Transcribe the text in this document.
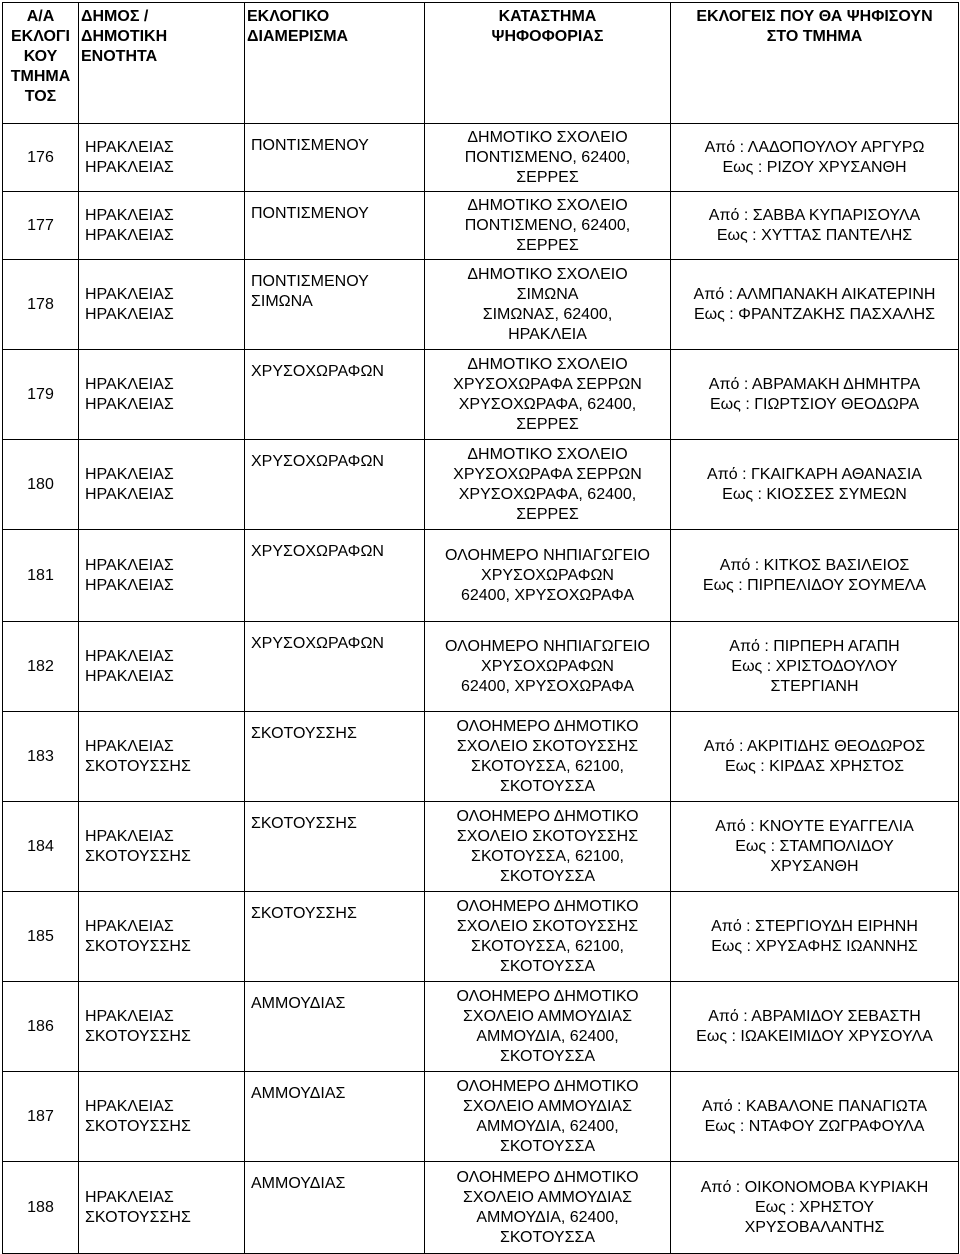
Α/Α
ΕΚΛΟΓΙ
ΚΟΥ
ΤΜΗΜΑ
ΤΟΣ	ΔΗΜΟΣ /
ΔΗΜΟΤΙΚΗ
ΕΝΟΤΗΤΑ	ΕΚΛΟΓΙΚΟ
ΔΙΑΜΕΡΙΣΜΑ	ΚΑΤΑΣΤΗΜΑ
ΨΗΦΟΦΟΡΙΑΣ	ΕΚΛΟΓΕΙΣ ΠΟΥ ΘΑ ΨΗΦΙΣΟΥΝ
ΣΤΟ ΤΜΗΜΑ

176	ΗΡΑΚΛΕΙΑΣ
ΗΡΑΚΛΕΙΑΣ	ΠΟΝΤΙΣΜΕΝΟΥ	ΔΗΜΟΤΙΚΟ ΣΧΟΛΕΙΟ
ΠΟΝΤΙΣΜΕΝΟ, 62400,
ΣΕΡΡΕΣ	Από : ΛΑΔΟΠΟΥΛΟΥ ΑΡΓΥΡΩ
Εως : ΡΙΖΟΥ ΧΡΥΣΑΝΘΗ

177	ΗΡΑΚΛΕΙΑΣ
ΗΡΑΚΛΕΙΑΣ	ΠΟΝΤΙΣΜΕΝΟΥ	ΔΗΜΟΤΙΚΟ ΣΧΟΛΕΙΟ
ΠΟΝΤΙΣΜΕΝΟ, 62400,
ΣΕΡΡΕΣ	Από : ΣΑΒΒΑ ΚΥΠΑΡΙΣΟΥΛΑ
Εως : ΧΥΤΤΑΣ ΠΑΝΤΕΛΗΣ

178	ΗΡΑΚΛΕΙΑΣ
ΗΡΑΚΛΕΙΑΣ	ΠΟΝΤΙΣΜΕΝΟΥ
ΣΙΜΩΝΑ	ΔΗΜΟΤΙΚΟ ΣΧΟΛΕΙΟ
ΣΙΜΩΝΑ
ΣΙΜΩΝΑΣ, 62400,
ΗΡΑΚΛΕΙΑ	Από : ΑΛΜΠΑΝΑΚΗ ΑΙΚΑΤΕΡΙΝΗ
Εως : ΦΡΑΝΤΖΑΚΗΣ ΠΑΣΧΑΛΗΣ

179	ΗΡΑΚΛΕΙΑΣ
ΗΡΑΚΛΕΙΑΣ	ΧΡΥΣΟΧΩΡΑΦΩΝ	ΔΗΜΟΤΙΚΟ ΣΧΟΛΕΙΟ
ΧΡΥΣΟΧΩΡΑΦΑ ΣΕΡΡΩΝ
ΧΡΥΣΟΧΩΡΑΦΑ, 62400,
ΣΕΡΡΕΣ	Από : ΑΒΡΑΜΑΚΗ ΔΗΜΗΤΡΑ
Εως : ΓΙΩΡΤΣΙΟΥ ΘΕΟΔΩΡΑ

180	ΗΡΑΚΛΕΙΑΣ
ΗΡΑΚΛΕΙΑΣ	ΧΡΥΣΟΧΩΡΑΦΩΝ	ΔΗΜΟΤΙΚΟ ΣΧΟΛΕΙΟ
ΧΡΥΣΟΧΩΡΑΦΑ ΣΕΡΡΩΝ
ΧΡΥΣΟΧΩΡΑΦΑ, 62400,
ΣΕΡΡΕΣ	Από : ΓΚΑΙΓΚΑΡΗ ΑΘΑΝΑΣΙΑ
Εως : ΚΙΟΣΣΕΣ ΣΥΜΕΩΝ

181	ΗΡΑΚΛΕΙΑΣ
ΗΡΑΚΛΕΙΑΣ	ΧΡΥΣΟΧΩΡΑΦΩΝ	ΟΛΟΗΜΕΡΟ ΝΗΠΙΑΓΩΓΕΙΟ
ΧΡΥΣΟΧΩΡΑΦΩΝ
62400, ΧΡΥΣΟΧΩΡΑΦΑ	Από : ΚΙΤΚΟΣ ΒΑΣΙΛΕΙΟΣ
Εως : ΠΙΡΠΕΛΙΔΟΥ ΣΟΥΜΕΛΑ

182	ΗΡΑΚΛΕΙΑΣ
ΗΡΑΚΛΕΙΑΣ	ΧΡΥΣΟΧΩΡΑΦΩΝ	ΟΛΟΗΜΕΡΟ ΝΗΠΙΑΓΩΓΕΙΟ
ΧΡΥΣΟΧΩΡΑΦΩΝ
62400, ΧΡΥΣΟΧΩΡΑΦΑ	Από : ΠΙΡΠΕΡΗ ΑΓΑΠΗ
Εως : ΧΡΙΣΤΟΔΟΥΛΟΥ
ΣΤΕΡΓΙΑΝΗ

183	ΗΡΑΚΛΕΙΑΣ
ΣΚΟΤΟΥΣΣΗΣ	ΣΚΟΤΟΥΣΣΗΣ	ΟΛΟΗΜΕΡΟ ΔΗΜΟΤΙΚΟ
ΣΧΟΛΕΙΟ ΣΚΟΤΟΥΣΣΗΣ
ΣΚΟΤΟΥΣΣΑ, 62100,
ΣΚΟΤΟΥΣΣΑ	Από : ΑΚΡΙΤΙΔΗΣ ΘΕΟΔΩΡΟΣ
Εως : ΚΙΡΔΑΣ ΧΡΗΣΤΟΣ

184	ΗΡΑΚΛΕΙΑΣ
ΣΚΟΤΟΥΣΣΗΣ	ΣΚΟΤΟΥΣΣΗΣ	ΟΛΟΗΜΕΡΟ ΔΗΜΟΤΙΚΟ
ΣΧΟΛΕΙΟ ΣΚΟΤΟΥΣΣΗΣ
ΣΚΟΤΟΥΣΣΑ, 62100,
ΣΚΟΤΟΥΣΣΑ	Από : ΚΝΟΥΤΕ ΕΥΑΓΓΕΛΙΑ
Εως : ΣΤΑΜΠΟΛΙΔΟΥ
ΧΡΥΣΑΝΘΗ

185	ΗΡΑΚΛΕΙΑΣ
ΣΚΟΤΟΥΣΣΗΣ	ΣΚΟΤΟΥΣΣΗΣ	ΟΛΟΗΜΕΡΟ ΔΗΜΟΤΙΚΟ
ΣΧΟΛΕΙΟ ΣΚΟΤΟΥΣΣΗΣ
ΣΚΟΤΟΥΣΣΑ, 62100,
ΣΚΟΤΟΥΣΣΑ	Από : ΣΤΕΡΓΙΟΥΔΗ ΕΙΡΗΝΗ
Εως : ΧΡΥΣΑΦΗΣ ΙΩΑΝΝΗΣ

186	ΗΡΑΚΛΕΙΑΣ
ΣΚΟΤΟΥΣΣΗΣ	ΑΜΜΟΥΔΙΑΣ	ΟΛΟΗΜΕΡΟ ΔΗΜΟΤΙΚΟ
ΣΧΟΛΕΙΟ ΑΜΜΟΥΔΙΑΣ
ΑΜΜΟΥΔΙΑ, 62400,
ΣΚΟΤΟΥΣΣΑ	Από : ΑΒΡΑΜΙΔΟΥ ΣΕΒΑΣΤΗ
Εως : ΙΩΑΚΕΙΜΙΔΟΥ ΧΡΥΣΟΥΛΑ

187	ΗΡΑΚΛΕΙΑΣ
ΣΚΟΤΟΥΣΣΗΣ	ΑΜΜΟΥΔΙΑΣ	ΟΛΟΗΜΕΡΟ ΔΗΜΟΤΙΚΟ
ΣΧΟΛΕΙΟ ΑΜΜΟΥΔΙΑΣ
ΑΜΜΟΥΔΙΑ, 62400,
ΣΚΟΤΟΥΣΣΑ	Από : ΚΑΒΑΛΟΝΕ ΠΑΝΑΓΙΩΤΑ
Εως : ΝΤΑΦΟΥ ΖΩΓΡΑΦΟΥΛΑ

188	ΗΡΑΚΛΕΙΑΣ
ΣΚΟΤΟΥΣΣΗΣ	ΑΜΜΟΥΔΙΑΣ	ΟΛΟΗΜΕΡΟ ΔΗΜΟΤΙΚΟ
ΣΧΟΛΕΙΟ ΑΜΜΟΥΔΙΑΣ
ΑΜΜΟΥΔΙΑ, 62400,
ΣΚΟΤΟΥΣΣΑ	Από : ΟΙΚΟΝΟΜΟΒΑ ΚΥΡΙΑΚΗ
Εως : ΧΡΗΣΤΟΥ
ΧΡΥΣΟΒΑΛΑΝΤΗΣ
